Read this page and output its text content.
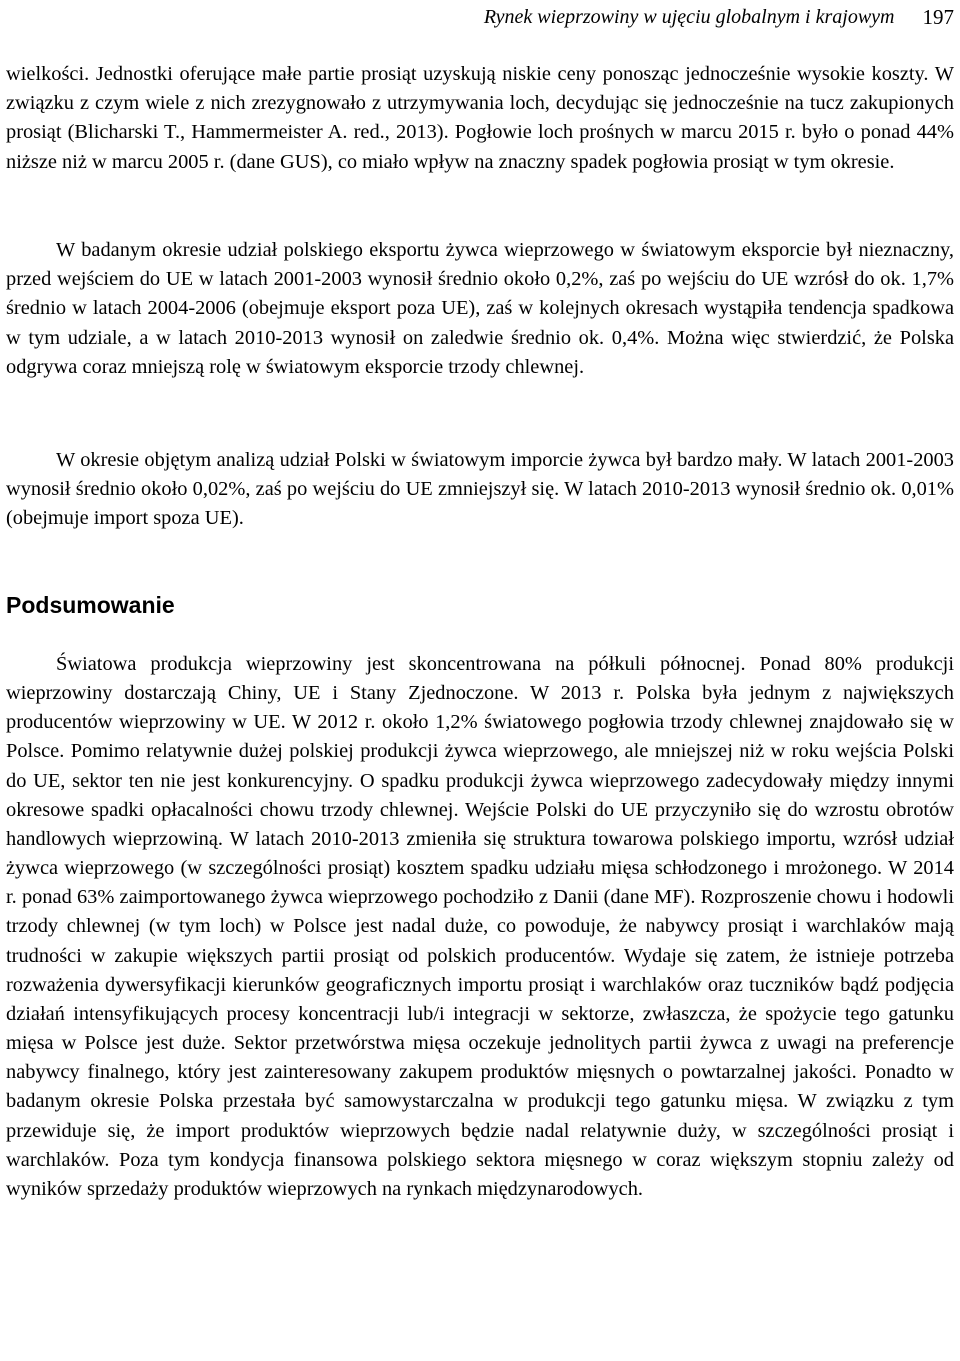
Rynek wieprzowiny w ujęciu globalnym i krajowym 197

wielkości. Jednostki oferujące małe partie prosiąt uzyskują niskie ceny ponosząc jednocześnie wysokie koszty. W związku z czym wiele z nich zrezygnowało z utrzymywania loch, decydując się jednocześnie na tucz zakupionych prosiąt (Blicharski T., Hammermeister A. red., 2013). Pogłowie loch prośnych w marcu 2015 r. było o ponad 44% niższe niż w marcu 2005 r. (dane GUS), co miało wpływ na znaczny spadek pogłowia prosiąt w tym okresie.

W badanym okresie udział polskiego eksportu żywca wieprzowego w światowym eksporcie był nieznaczny, przed wejściem do UE w latach 2001-2003 wynosił średnio około 0,2%, zaś po wejściu do UE wzrósł do ok. 1,7% średnio w latach 2004-2006 (obejmuje eksport poza UE), zaś w kolejnych okresach wystąpiła tendencja spadkowa w tym udziale, a w latach 2010-2013 wynosił on zaledwie średnio ok. 0,4%. Można więc stwierdzić, że Polska odgrywa coraz mniejszą rolę w światowym eksporcie trzody chlewnej.

W okresie objętym analizą udział Polski w światowym imporcie żywca był bardzo mały. W latach 2001-2003 wynosił średnio około 0,02%, zaś po wejściu do UE zmniejszył się. W latach 2010-2013 wynosił średnio ok. 0,01% (obejmuje import spoza UE).

Podsumowanie

Światowa produkcja wieprzowiny jest skoncentrowana na półkuli północnej. Ponad 80% produkcji wieprzowiny dostarczają Chiny, UE i Stany Zjednoczone. W 2013 r. Polska była jednym z największych producentów wieprzowiny w UE. W 2012 r. około 1,2% światowego pogłowia trzody chlewnej znajdowało się w Polsce. Pomimo relatywnie dużej polskiej produkcji żywca wieprzowego, ale mniejszej niż w roku wejścia Polski do UE, sektor ten nie jest konkurencyjny. O spadku produkcji żywca wieprzowego zadecydowały między innymi okresowe spadki opłacalności chowu trzody chlewnej. Wejście Polski do UE przyczyniło się do wzrostu obrotów handlowych wieprzowiną. W latach 2010-2013 zmieniła się struktura towarowa polskiego importu, wzrósł udział żywca wieprzowego (w szczególności prosiąt) kosztem spadku udziału mięsa schłodzonego i mrożonego. W 2014 r. ponad 63% zaimportowanego żywca wieprzowego pochodziło z Danii (dane MF). Rozproszenie chowu i hodowli trzody chlewnej (w tym loch) w Polsce jest nadal duże, co powoduje, że nabywcy prosiąt i warchlaków mają trudności w zakupie większych partii prosiąt od polskich producentów. Wydaje się zatem, że istnieje potrzeba rozważenia dywersyfikacji kierunków geograficznych importu prosiąt i warchlaków oraz tuczników bądź podjęcia działań intensyfikujących procesy koncentracji lub/i integracji w sektorze, zwłaszcza, że spożycie tego gatunku mięsa w Polsce jest duże. Sektor przetwórstwa mięsa oczekuje jednolitych partii żywca z uwagi na preferencje nabywcy finalnego, który jest zainteresowany zakupem produktów mięsnych o powtarzalnej jakości. Ponadto w badanym okresie Polska przestała być samowystarczalna w produkcji tego gatunku mięsa. W związku z tym przewiduje się, że import produktów wieprzowych będzie nadal relatywnie duży, w szczególności prosiąt i warchlaków. Poza tym kondycja finansowa polskiego sektora mięsnego w coraz większym stopniu zależy od wyników sprzedaży produktów wieprzowych na rynkach międzynarodowych.
